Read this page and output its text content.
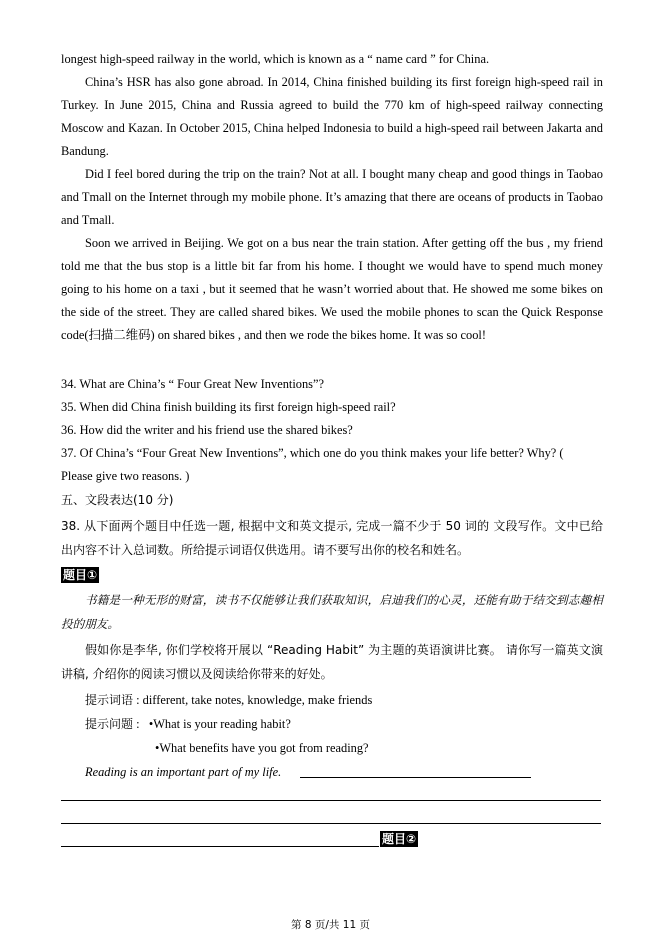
longest high-speed railway in the world, which is known as a “ name card ” for China.

China’s HSR has also gone abroad. In 2014, China finished building its first foreign high-speed rail in Turkey. In June 2015, China and Russia agreed to build the 770 km of high-speed railway connecting Moscow and Kazan. In October 2015, China helped Indonesia to build a high-speed rail between Jakarta and Bandung.

Did I feel bored during the trip on the train? Not at all. I bought many cheap and good things in Taobao and Tmall on the Internet through my mobile phone. It’s amazing that there are oceans of products in Taobao and Tmall.

Soon we arrived in Beijing. We got on a bus near the train station. After getting off the bus , my friend told me that the bus stop is a little bit far from his home. I thought we would have to spend much money going to his home on a taxi , but it seemed that he wasn’t worried about that. He showed me some bikes on the side of the street. They are called shared bikes. We used the mobile phones to scan the Quick Response code(扫描二维码) on shared bikes , and then we rode the bikes home. It was so cool!

34. What are China’s “ Four Great New Inventions”?

35. When did China finish building its first foreign high-speed rail?

36. How did the writer and his friend use the shared bikes?

37. Of China’s “Four Great New Inventions”, which one do you think makes your life better? Why? (

Please give two reasons. )

五、文段表达(10 分)

38. 从下面两个题目中任选一题, 根据中文和英文提示, 完成一篇不少于 50 词的 文段写作。文中已给出内容不计入总词数。所给提示词语仅供选用。请不要写出你的校名和姓名。

题目①

书籍是一种无形的财富，读书不仅能够让我们获取知识，启迪我们的心灵，还能有助于结交到志趣相投的朋友。

假如你是李华, 你们学校将开展以 “Reading Habit” 为主题的英语演讲比赛。 请你写一篇英文演讲稿, 介绍你的阅读习惯以及阅读给你带来的好处。

提示词语 : different, take notes, knowledge, make friends
提示问题 :   •What is your reading habit?

•What benefits have you got from reading?

Reading is an important part of my life.

题目②
第 8 页/共 11 页
